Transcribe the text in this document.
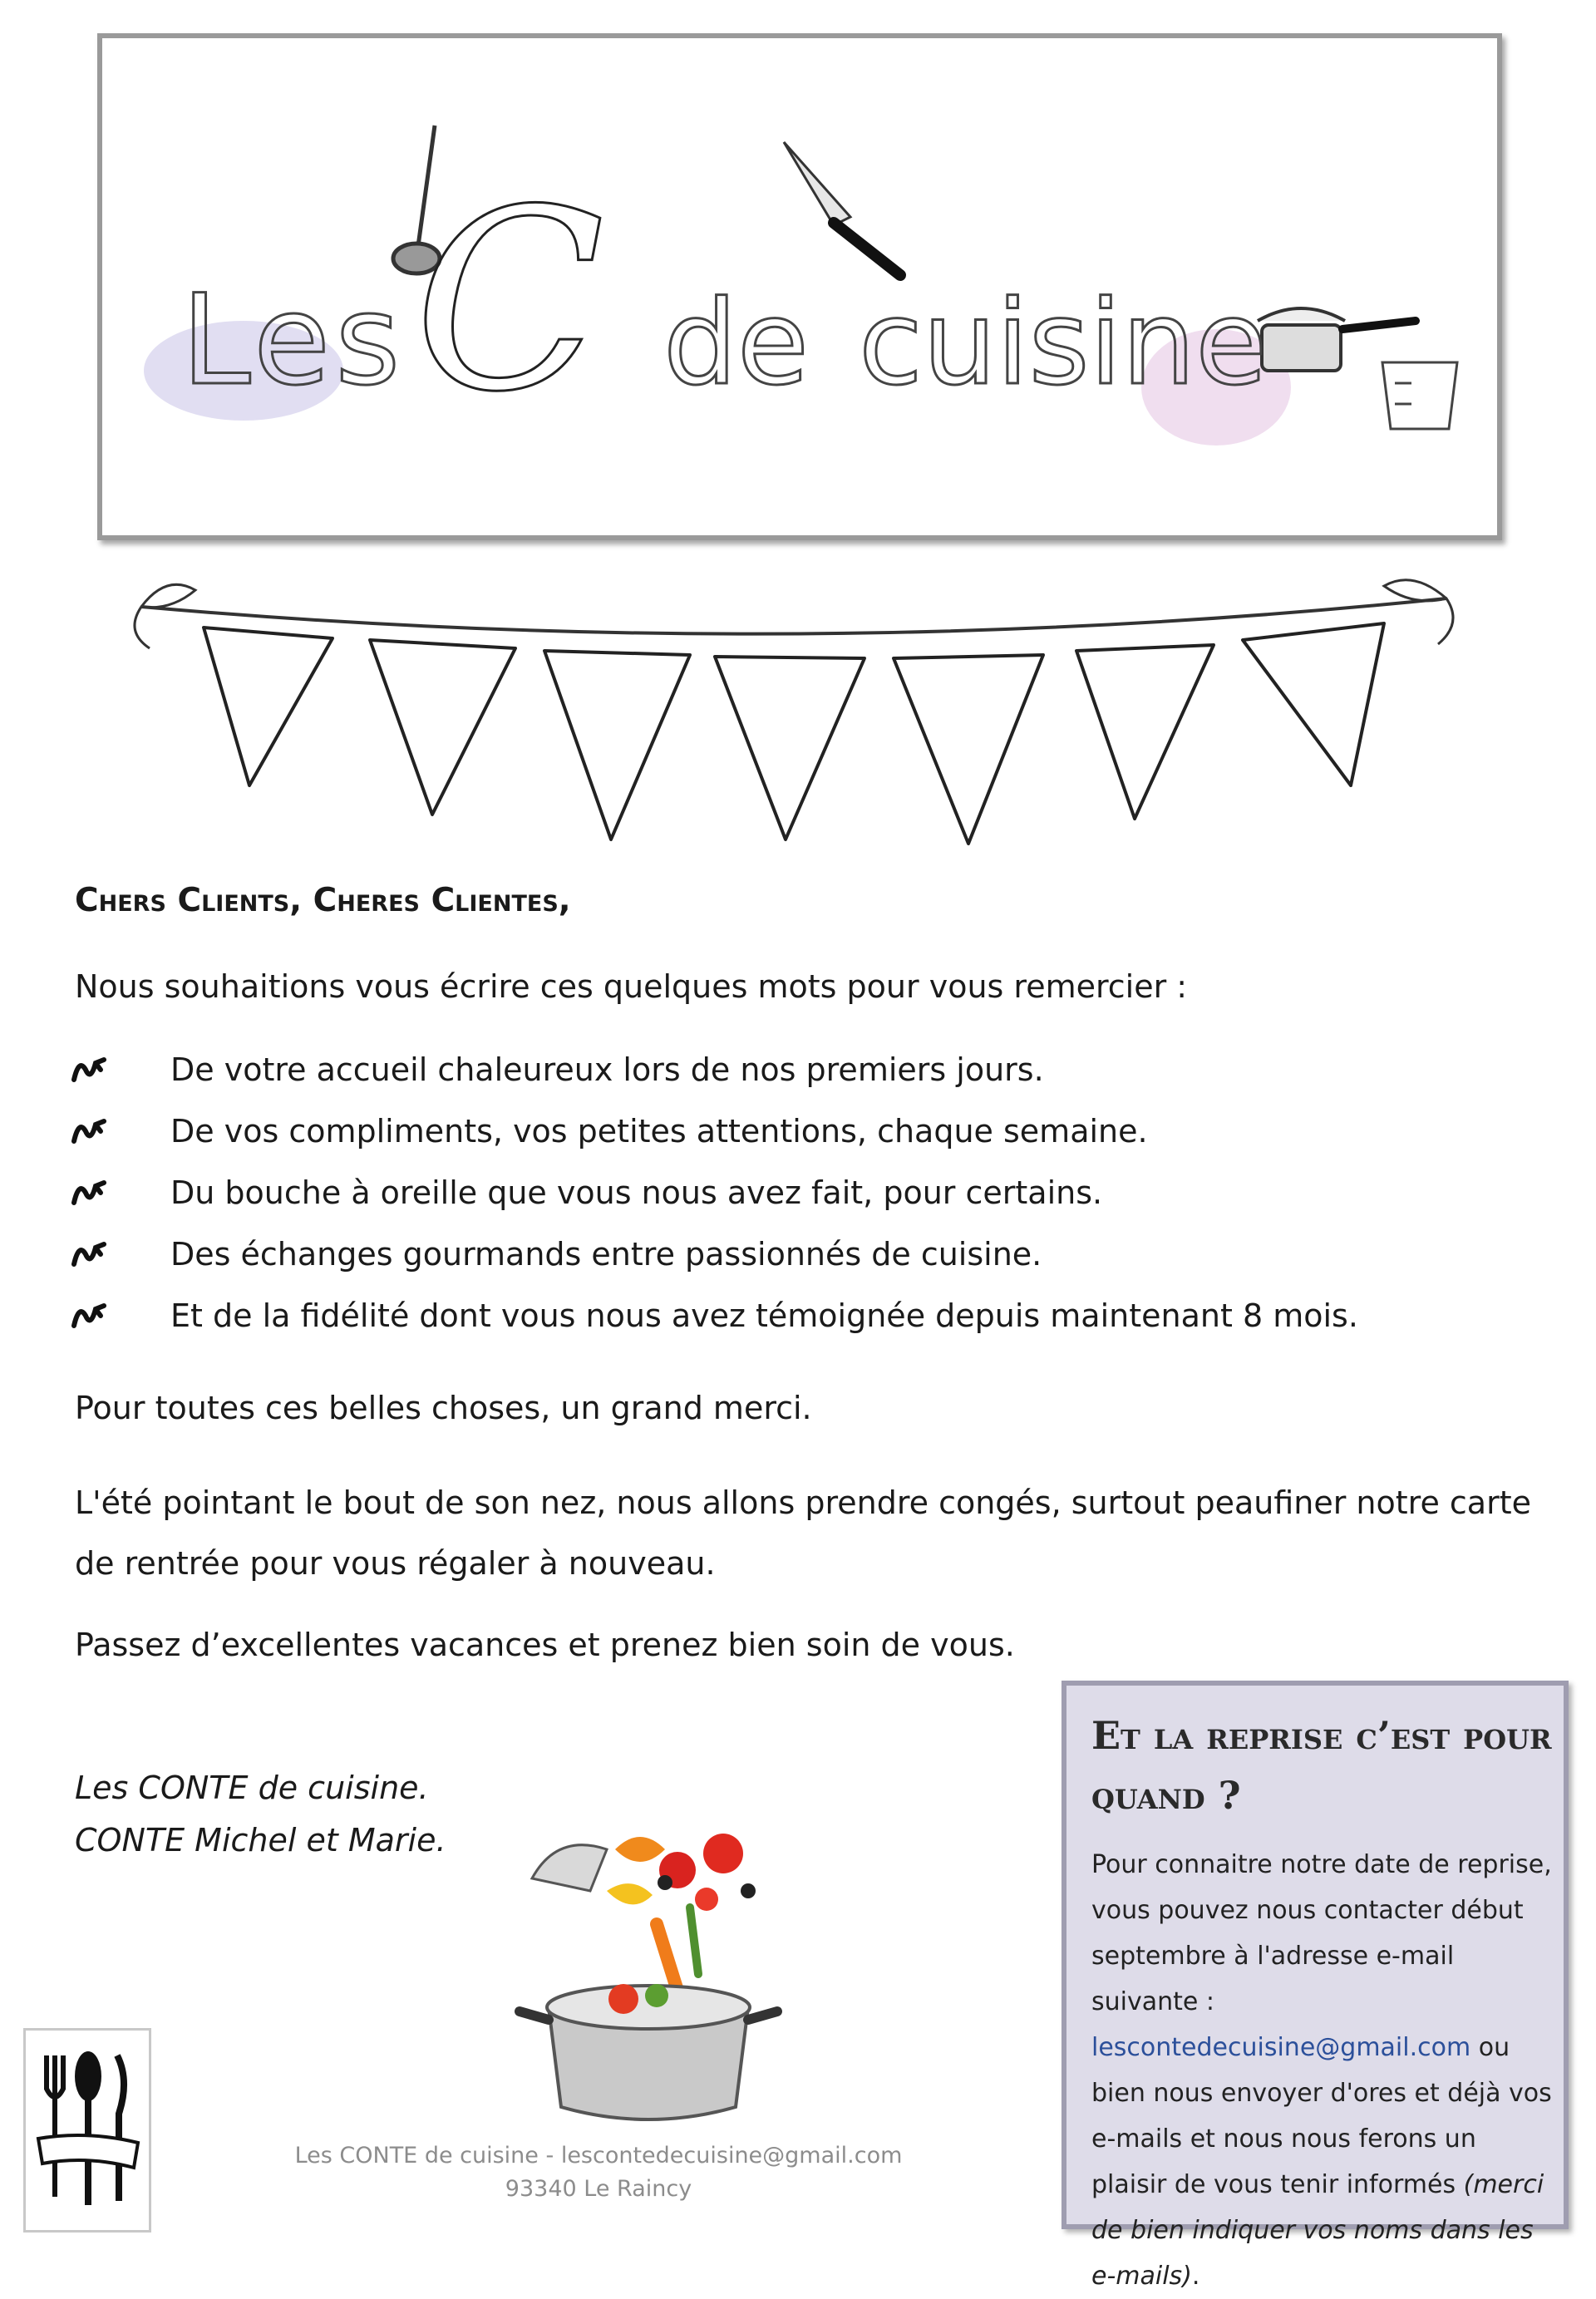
Les C de cuisine
Chers Clients, Cheres Clientes,
Nous souhaitions vous écrire ces quelques mots pour vous remercier :
De votre accueil chaleureux lors de nos premiers jours.
De vos compliments, vos petites attentions, chaque semaine.
Du bouche à oreille que vous nous avez fait, pour certains.
Des échanges gourmands entre passionnés de cuisine.
Et de la fidélité dont vous nous avez témoignée depuis maintenant 8 mois.
Pour toutes ces belles choses, un grand merci.
L'été pointant le bout de son nez, nous allons prendre congés, surtout peaufiner notre carte de rentrée pour vous régaler à nouveau.
Passez d’excellentes vacances et prenez bien soin de vous.
Les CONTE de cuisine.
CONTE Michel et Marie.
Et la reprise c’est pour quand ?
Pour connaitre notre date de reprise, vous pouvez nous contacter début septembre à l'adresse e-mail suivante : lescontedecuisine@gmail.com ou bien nous envoyer d'ores et déjà vos e-mails et nous nous ferons un plaisir de vous tenir informés (merci de bien indiquer vos noms dans les e-mails).
Les CONTE de cuisine - lescontedecuisine@gmail.com
93340 Le Raincy
